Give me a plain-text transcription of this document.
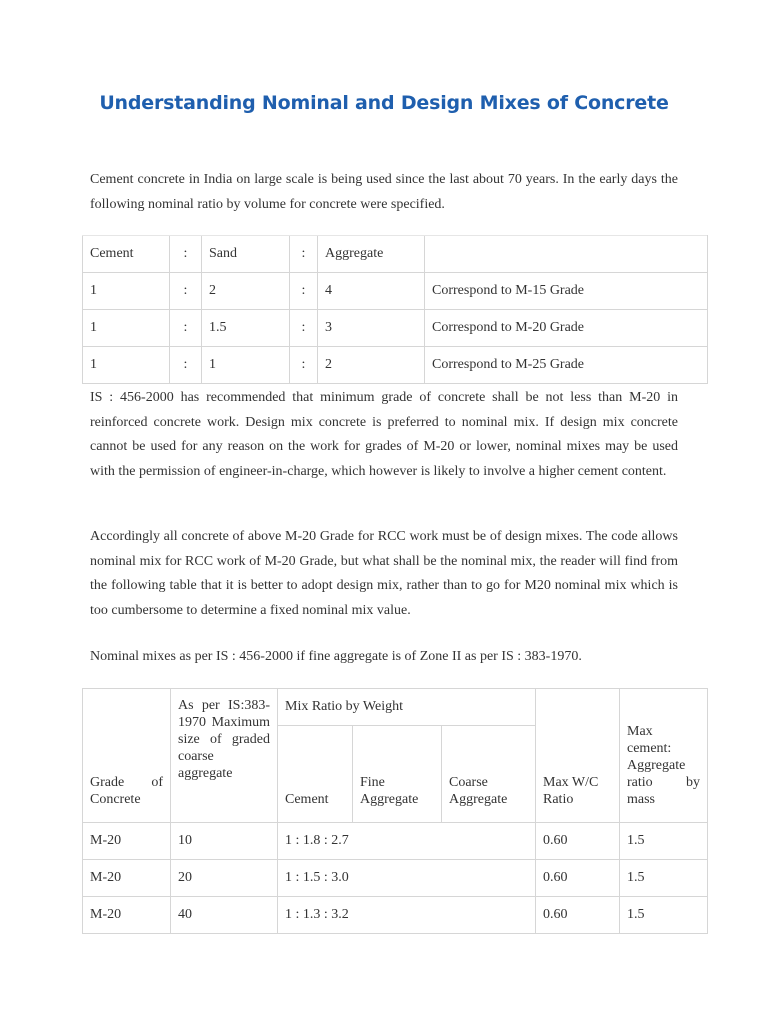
Understanding Nominal and Design Mixes of Concrete

Cement concrete in India on large scale is being used since the last about 70 years. In the early days the following nominal ratio by volume for concrete were specified.

Cement	:	Sand	:	Aggregate	
1	:	2	:	4	Correspond to M-15 Grade
1	:	1.5	:	3	Correspond to M-20 Grade
1	:	1	:	2	Correspond to M-25 Grade

IS : 456-2000 has recommended that minimum grade of concrete shall be not less than M-20 in reinforced concrete work. Design mix concrete is preferred to nominal mix. If design mix concrete cannot be used for any reason on the work for grades of M-20 or lower, nominal mixes may be used with the permission of engineer-in-charge, which however is likely to involve a higher cement content.

Accordingly all concrete of above M-20 Grade for RCC work must be of design mixes. The code allows nominal mix for RCC work of M-20 Grade, but what shall be the nominal mix, the reader will find from the following table that it is better to adopt design mix, rather than to go for M20 nominal mix which is too cumbersome to determine a fixed nominal mix value.

Nominal mixes as per IS : 456-2000 if fine aggregate is of Zone II as per IS : 383-1970.

Grade of Concrete	As per IS:383-1970 Maximum size of graded coarse aggregate	Mix Ratio by Weight			Max W/C Ratio	Max cement: Aggregate ratio by mass
		Cement	Fine Aggregate	Coarse Aggregate		
M-20	10	1 : 1.8 : 2.7			0.60	1.5
M-20	20	1 : 1.5 : 3.0			0.60	1.5
M-20	40	1 : 1.3 : 3.2			0.60	1.5
